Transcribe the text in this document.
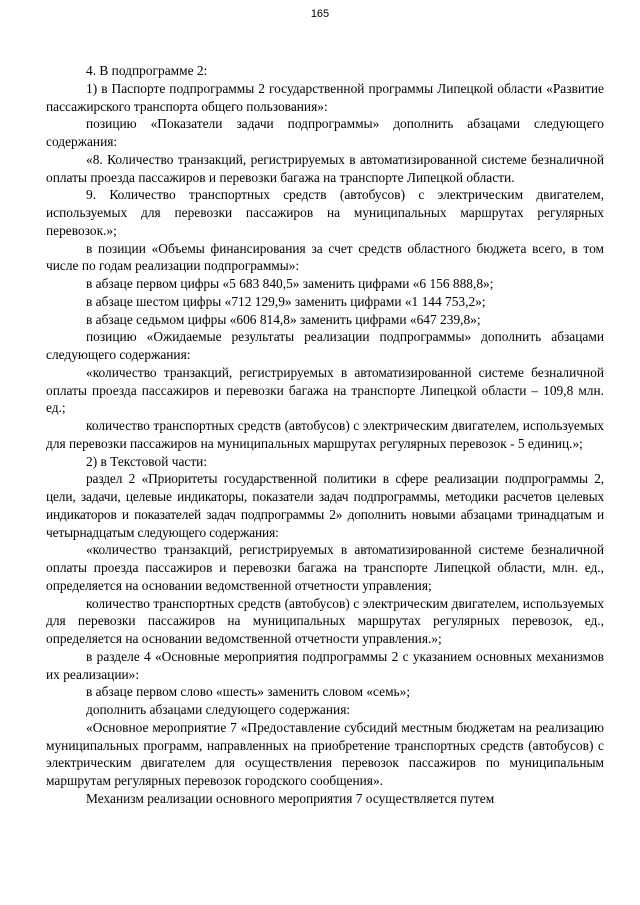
165

4. В подпрограмме 2:

1) в Паспорте подпрограммы 2 государственной программы Липецкой области «Развитие пассажирского транспорта общего пользования»:

позицию «Показатели задачи подпрограммы» дополнить абзацами следующего содержания:

«8. Количество транзакций, регистрируемых в автоматизированной системе безналичной оплаты проезда пассажиров и перевозки багажа на транспорте Липецкой области.

9. Количество транспортных средств (автобусов) с электрическим двигателем, используемых для перевозки пассажиров на муниципальных маршрутах регулярных перевозок.»;

в позиции «Объемы финансирования за счет средств областного бюджета всего, в том числе по годам реализации подпрограммы»:

в абзаце первом цифры «5 683 840,5» заменить цифрами «6 156 888,8»;

в абзаце шестом цифры «712 129,9» заменить цифрами «1 144 753,2»;

в абзаце седьмом цифры «606 814,8» заменить цифрами «647 239,8»;

позицию «Ожидаемые результаты реализации подпрограммы» дополнить абзацами следующего содержания:

«количество транзакций, регистрируемых в автоматизированной системе безналичной оплаты проезда пассажиров и перевозки багажа на транспорте Липецкой области – 109,8 млн. ед.;

количество транспортных средств (автобусов) с электрическим двигателем, используемых для перевозки пассажиров на муниципальных маршрутах регулярных перевозок - 5 единиц.»;

2) в Текстовой части:

раздел 2 «Приоритеты государственной политики в сфере реализации подпрограммы 2, цели, задачи, целевые индикаторы, показатели задач подпрограммы, методики расчетов целевых индикаторов и показателей задач подпрограммы 2» дополнить новыми абзацами тринадцатым и четырнадцатым следующего содержания:

«количество транзакций, регистрируемых в автоматизированной системе безналичной оплаты проезда пассажиров и перевозки багажа на транспорте Липецкой области, млн. ед., определяется на основании ведомственной отчетности управления;

количество транспортных средств (автобусов) с электрическим двигателем, используемых для перевозки пассажиров на муниципальных маршрутах регулярных перевозок, ед., определяется на основании ведомственной отчетности управления.»;

в разделе 4 «Основные мероприятия подпрограммы 2 с указанием основных механизмов их реализации»:

в абзаце первом слово «шесть» заменить словом «семь»;

дополнить абзацами следующего содержания:

«Основное мероприятие 7 «Предоставление субсидий местным бюджетам на реализацию муниципальных программ, направленных на приобретение транспортных средств (автобусов) с электрическим двигателем для осуществления перевозок пассажиров по муниципальным маршрутам регулярных перевозок городского сообщения».

Механизм реализации основного мероприятия 7 осуществляется путем
